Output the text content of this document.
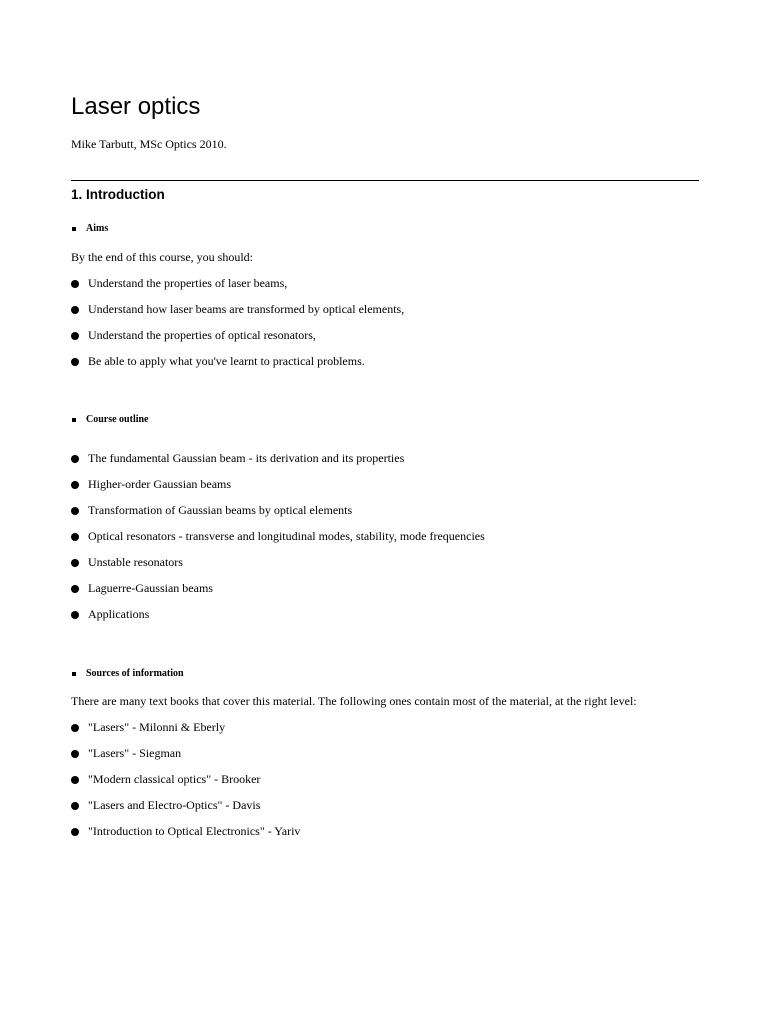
Laser optics
Mike Tarbutt, MSc Optics 2010.
1. Introduction
Aims
By the end of this course, you should:
Understand the properties of laser beams,
Understand how laser beams are transformed by optical elements,
Understand the properties of optical resonators,
Be able to apply what you've learnt to practical problems.
Course outline
The fundamental Gaussian beam - its derivation and its properties
Higher-order Gaussian beams
Transformation of Gaussian beams by optical elements
Optical resonators - transverse and longitudinal modes, stability, mode frequencies
Unstable resonators
Laguerre-Gaussian beams
Applications
Sources of information
There are many text books that cover this material. The following ones contain most of the material, at the right level:
"Lasers" - Milonni & Eberly
"Lasers" - Siegman
"Modern classical optics" - Brooker
"Lasers and Electro-Optics" - Davis
"Introduction to Optical Electronics" - Yariv
